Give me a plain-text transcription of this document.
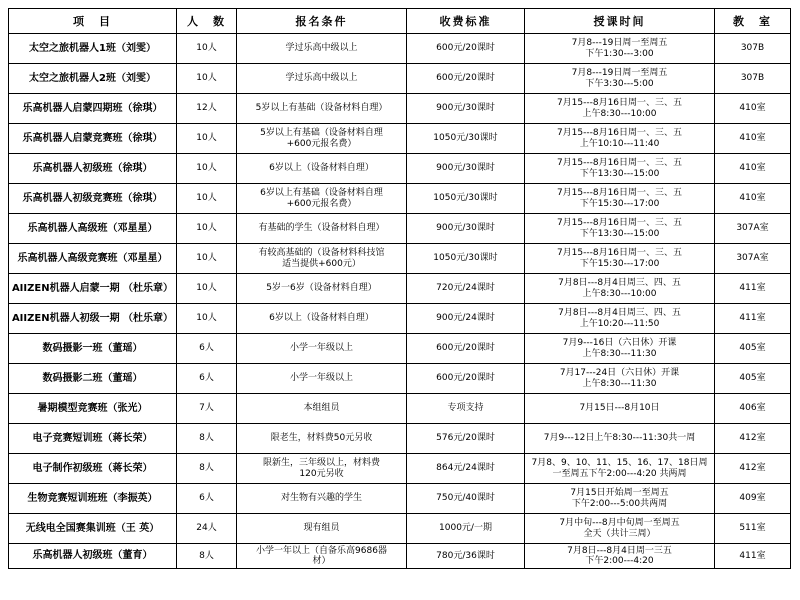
项　目	人　数	报名条件	收费标准	授课时间	教　室
太空之旅机器人1班（刘雯）	10人	学过乐高中级以上	600元/20课时	7月8---19日周一至周五
下午1:30---3:00	307B
太空之旅机器人2班（刘雯）	10人	学过乐高中级以上	600元/20课时	7月8---19日周一至周五
下午3:30---5:00	307B
乐高机器人启蒙四期班（徐琪）	12人	5岁以上有基础（设备材料自理）	900元/30课时	7月15---8月16日周一、三、五
上午8:30---10:00	410室
乐高机器人启蒙竞赛班（徐琪）	10人	5岁以上有基础（设备材料自理
+600元报名费）	1050元/30课时	7月15---8月16日周一、三、五
上午10:10---11:40	410室
乐高机器人初级班（徐琪）	10人	6岁以上（设备材料自理）	900元/30课时	7月15---8月16日周一、三、五
下午13:30---15:00	410室
乐高机器人初级竞赛班（徐琪）	10人	6岁以上有基础（设备材料自理
+600元报名费）	1050元/30课时	7月15---8月16日周一、三、五
下午15:30---17:00	410室
乐高机器人高级班（邓星星）	10人	有基础的学生（设备材料自理）	900元/30课时	7月15---8月16日周一、三、五
下午13:30---15:00	307A室
乐高机器人高级竞赛班（邓星星）	10人	有较高基础的（设备材料科技馆
适当提供+600元）	1050元/30课时	7月15---8月16日周一、三、五
下午15:30---17:00	307A室
AIIZEN机器人启蒙一期 （杜乐章）	10人	5岁一6岁（设备材料自理）	720元/24课时	7月8日---8月4日周三、四、五
上午8:30---10:00	411室
AIIZEN机器人初级一期 （杜乐章）	10人	6岁以上（设备材料自理）	900元/24课时	7月8日---8月4日周三、四、五
上午10:20---11:50	411室
数码摄影一班（董瑶）	6人	小学一年级以上	600元/20课时	7月9---16日（六日休）开课
上午8:30---11:30	405室
数码摄影二班（董瑶）	6人	小学一年级以上	600元/20课时	7月17---24日（六日休）开课
上午8:30---11:30	405室
暑期模型竞赛班（张光）	7人	本组组员	专项支持	7月15日---8月10日	406室
电子竞赛短训班（蒋长荣）	8人	限老生，材料费50元另收	576元/20课时	7月9---12日上午8:30---11:30共一周	412室
电子制作初级班（蒋长荣）	8人	限新生，三年级以上，材料费
120元另收	864元/24课时	7月8、9、10、11、15、16、17、18日周
一至周五下午2:00---4:20 共两周	412室
生物竞赛短训班班（李振英）	6人	对生物有兴趣的学生	750元/40课时	7月15日开始周一至周五
下午2:00---5:00共两周	409室
无线电全国赛集训班（王 英）	24人	现有组员	1000元/一期	7月中旬---8月中旬周一至周五
全天（共计三周）	511室
乐高机器人初级班（董育）	8人	小学一年以上（自备乐高9686器
材）	780元/36课时	7月8日---8月4日周一三五
下午2:00---4:20	411室
